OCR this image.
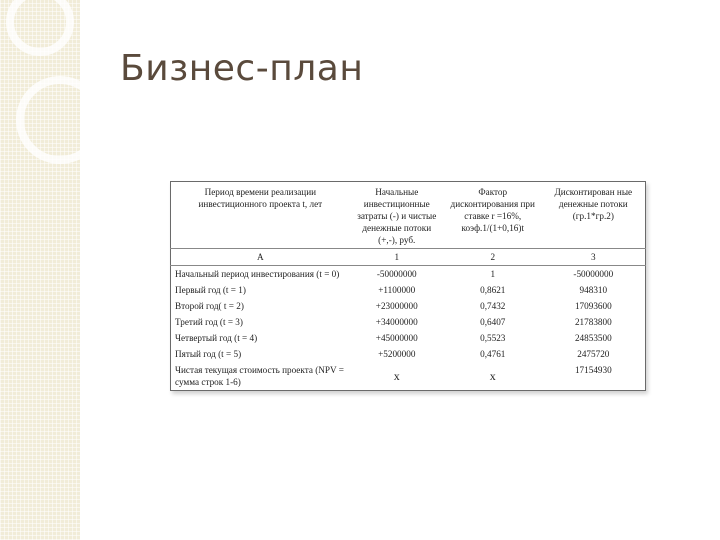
Бизнес-план
Период времени реализации инвестиционного проекта t, лет	Начальные инвестиционные затраты (-) и чистые денежные потоки (+,-), руб.	Фактор дисконтирования при ставке r =16%, коэф.1/(1+0,16)t	Дисконтирован ные денежные потоки (гр.1*гр.2)
А	1	2	3
Начальный период инвестирования (t = 0)	-50000000	1	-50000000
Первый год (t = 1)	+1100000	0,8621	948310
Второй год( t = 2)	+23000000	0,7432	17093600
Третий год (t = 3)	+34000000	0,6407	21783800
Четвертый год (t = 4)	+45000000	0,5523	24853500
Пятый год (t = 5)	+5200000	0,4761	2475720
Чистая текущая стоимость проекта (NPV = сумма строк 1-6)	х	х	17154930
